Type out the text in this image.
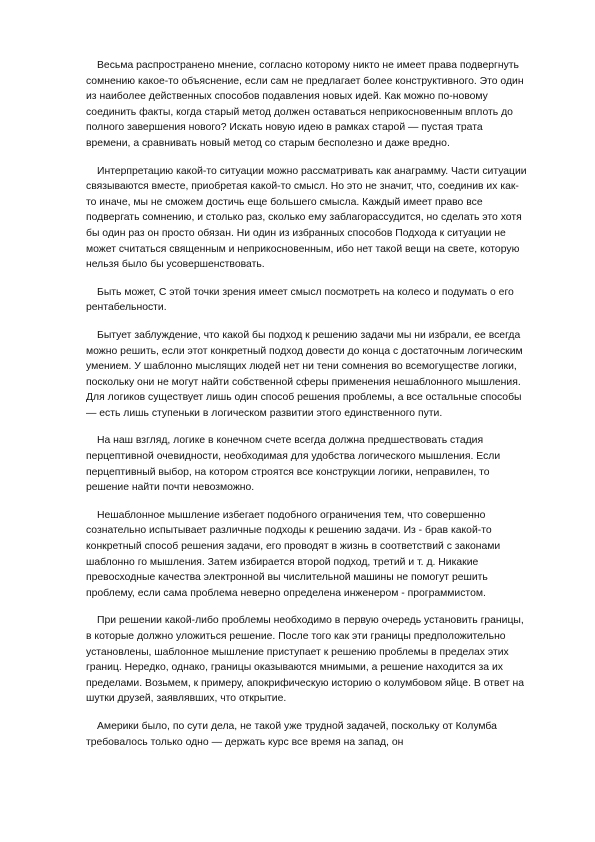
Весьма распространено мнение, согласно которому никто не имеет права подвергнуть сомнению какое-то объяснение, если сам не предлагает более конструктивного. Это один из наиболее действенных способов подавления новых идей. Как можно по-новому соединить факты, когда старый метод должен оставаться неприкосновенным вплоть до полного завершения нового? Искать новую идею в рамках старой — пустая трата времени, а сравнивать новый метод со старым бесполезно и даже вредно.

Интерпретацию какой-то ситуации можно рассматривать как анаграмму. Части ситуации связываются вместе, приобретая какой-то смысл. Но это не значит, что, соединив их как-то иначе, мы не сможем достичь еще большего смысла. Каждый имеет право все подвергать сомнению, и столько раз, сколько ему заблагорассудится, но сделать это хотя бы один раз он просто обязан. Ни один из избранных способов Подхода к ситуации не может считаться священным и неприкосновенным, ибо нет такой вещи на свете, которую нельзя было бы усовершенствовать.

Быть может, С этой точки зрения имеет смысл посмотреть на колесо и подумать о его рентабельности.

Бытует заблуждение, что какой бы подход к решению задачи мы ни избрали, ее всегда можно решить, если этот конкретный подход довести до конца с достаточным логическим умением. У шаблонно мыслящих людей нет ни тени сомнения во всемогуществе логики, поскольку они не могут найти собственной сферы применения нешаблонного мышления. Для логиков существует лишь один способ решения проблемы, а все остальные способы — есть лишь ступеньки в логическом развитии этого единственного пути.

На наш взгляд, логике в конечном счете всегда должна предшествовать стадия перцептивной очевидности, необходимая для удобства логического мышления. Если перцептивный выбор, на котором строятся все конструкции логики, неправилен, то решение найти почти невозможно.

Нешаблонное мышление избегает подобного ограничения тем, что совершенно сознательно испытывает различные подходы к решению задачи. Из - брав какой-то конкретный способ решения задачи, его проводят в жизнь в соответствий с законами шаблонно го мышления. Затем избирается второй подход, третий и т. д. Никакие превосходные качества электронной вы числительной машины не помогут решить проблему, если сама проблема неверно определена инженером - программистом.

При решении какой-либо проблемы необходимо в первую очередь установить границы, в которые должно уложиться решение. После того как эти границы предположительно установлены, шаблонное мышление приступает к решению проблемы в пределах этих границ. Нередко, однако, границы оказываются мнимыми, а решение находится за их пределами. Возьмем, к примеру, апокрифическую историю о колумбовом яйце. В ответ на шутки друзей, заявлявших, что открытие.

Америки было, по сути дела, не такой уже трудной задачей, поскольку от Колумба требовалось только одно — держать курс все время на запад, он
